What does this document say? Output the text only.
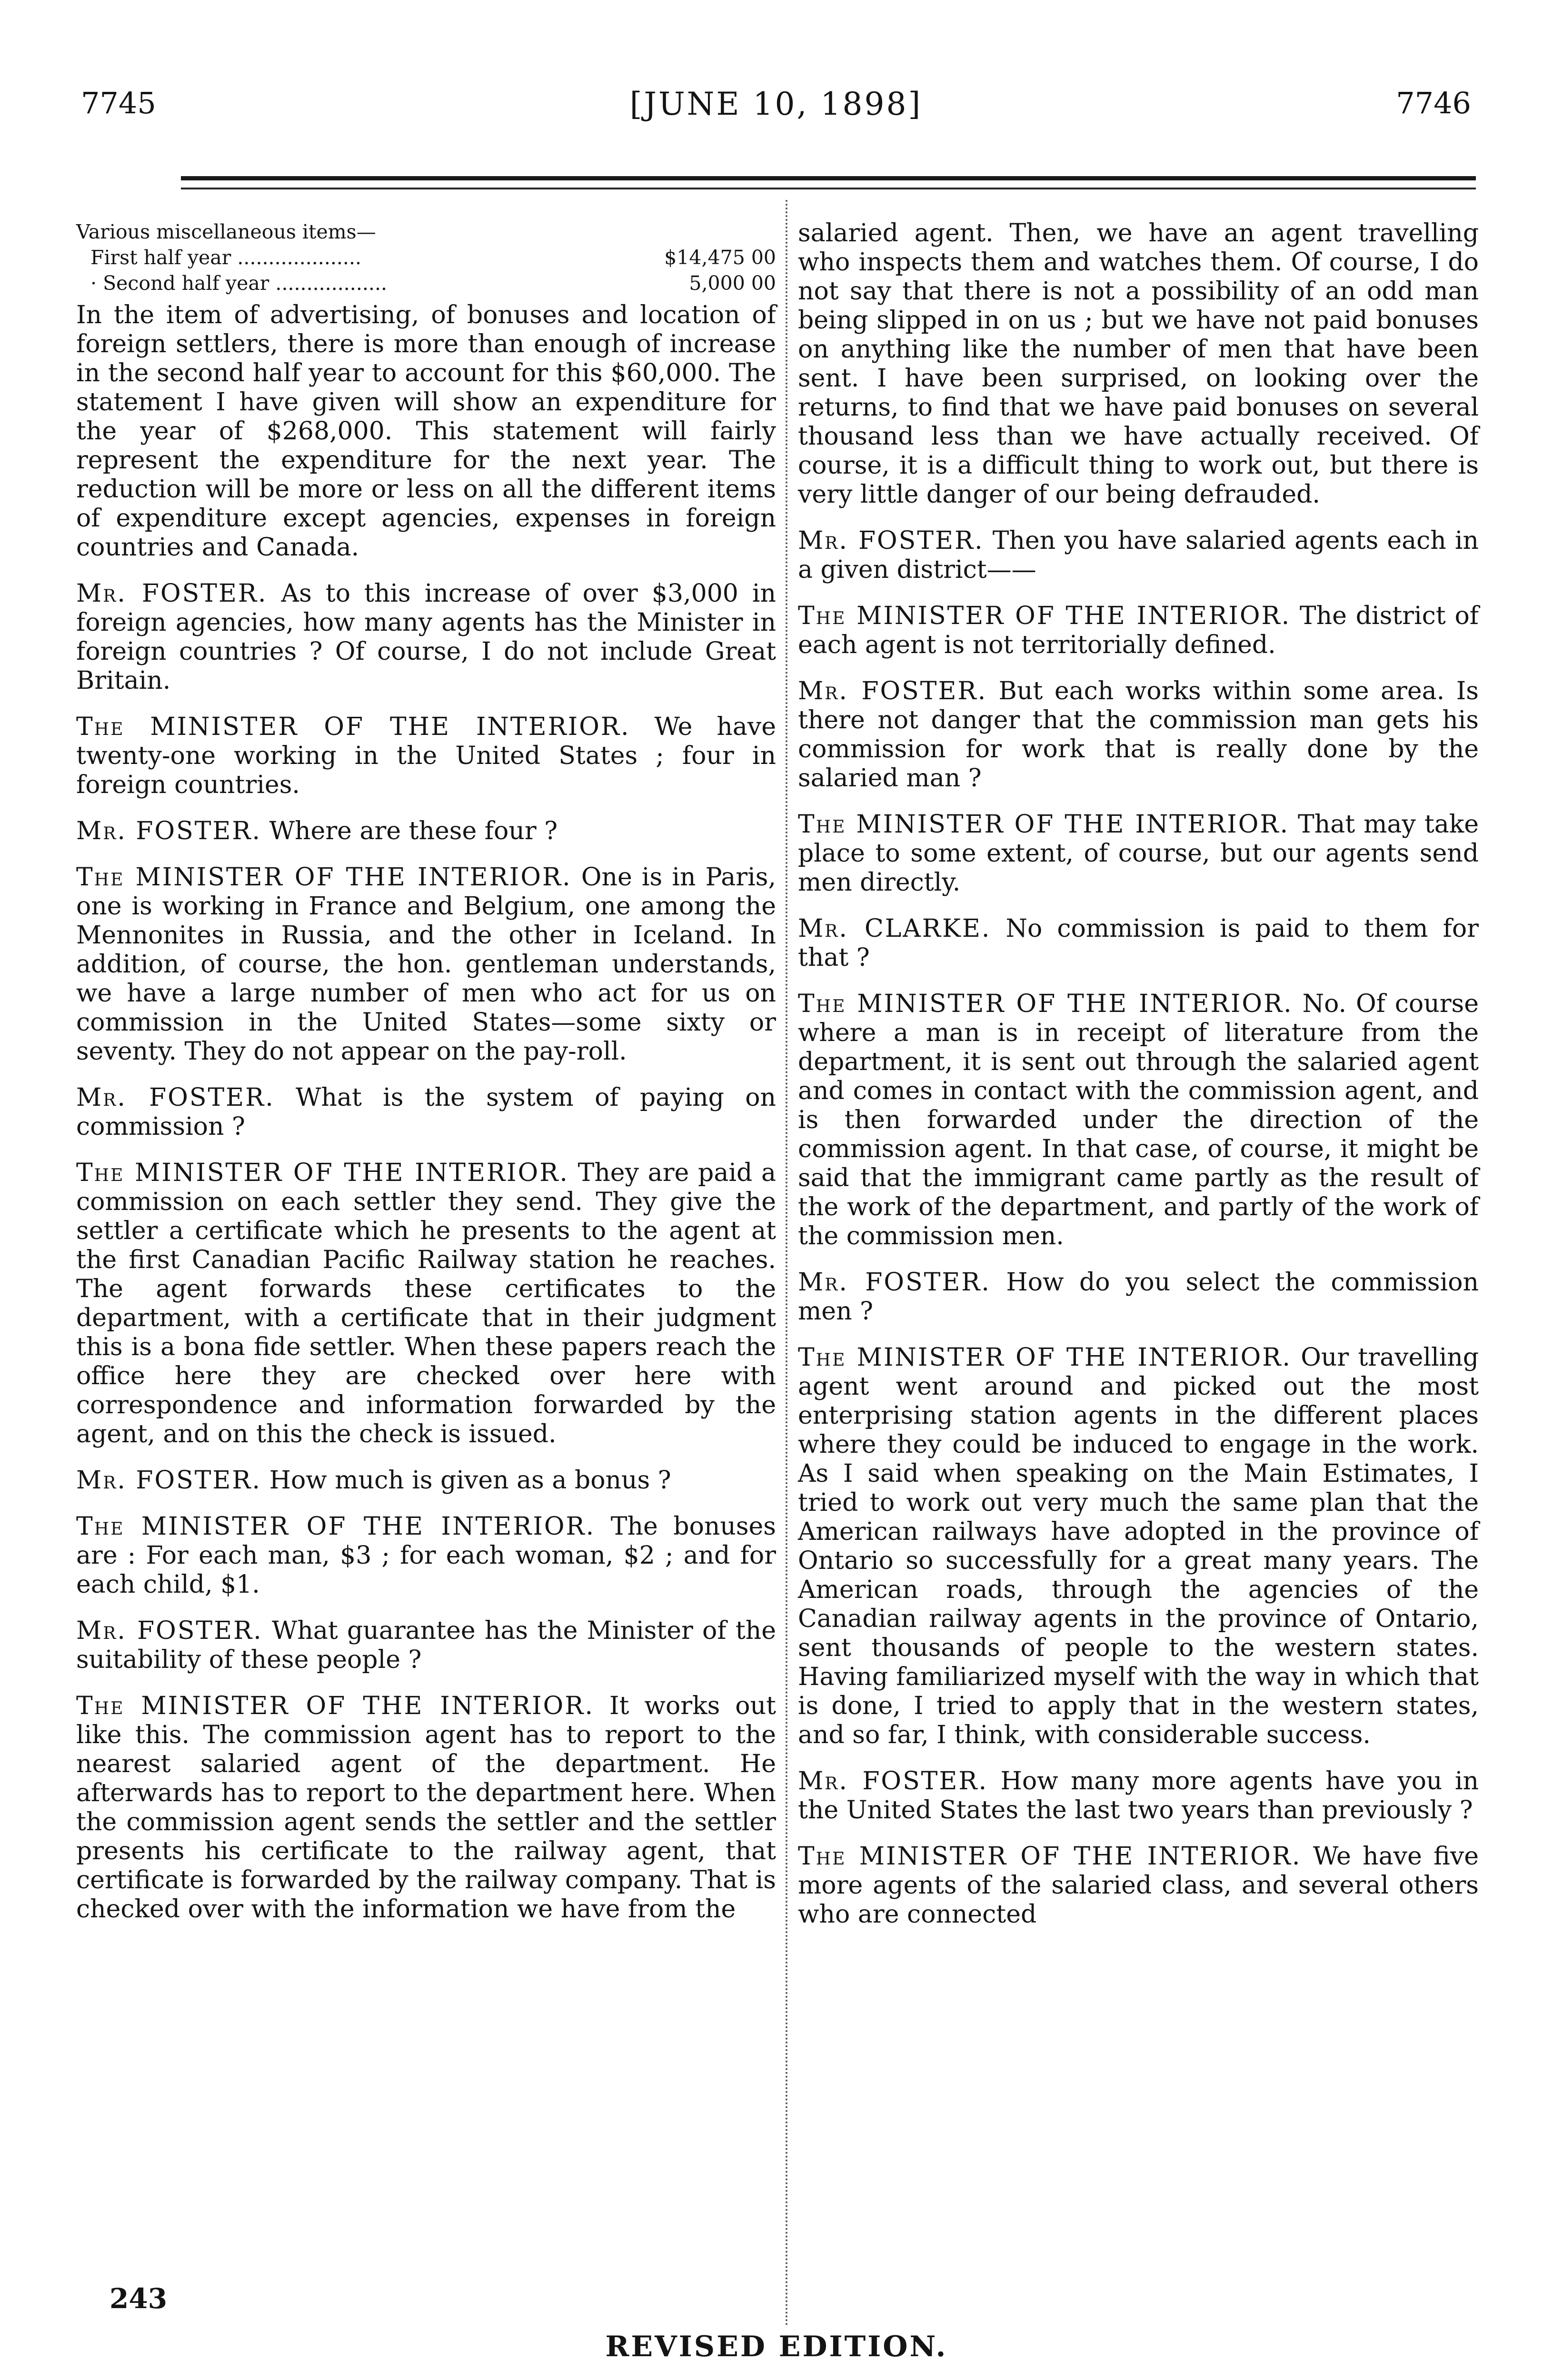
7745	[JUNE 10, 1898]	7746
Various miscellaneous items—
First half year ....................	$14,475 00
· Second half year ..................	5,000 00
In the item of advertising, of bonuses and location of foreign settlers, there is more than enough of increase in the second half year to account for this $60,000. The statement I have given will show an expenditure for the year of $268,000. This statement will fairly represent the expenditure for the next year. The reduction will be more or less on all the different items of expenditure except agencies, expenses in foreign countries and Canada.
Mr. FOSTER. As to this increase of over $3,000 in foreign agencies, how many agents has the Minister in foreign countries ? Of course, I do not include Great Britain.
The MINISTER OF THE INTERIOR. We have twenty-one working in the United States ; four in foreign countries.
Mr. FOSTER. Where are these four ?
The MINISTER OF THE INTERIOR. One is in Paris, one is working in France and Belgium, one among the Mennonites in Russia, and the other in Iceland. In addition, of course, the hon. gentleman understands, we have a large number of men who act for us on commission in the United States—some sixty or seventy. They do not appear on the pay-roll.
Mr. FOSTER. What is the system of paying on commission ?
The MINISTER OF THE INTERIOR. They are paid a commission on each settler they send. They give the settler a certificate which he presents to the agent at the first Canadian Pacific Railway station he reaches. The agent forwards these certificates to the department, with a certificate that in their judgment this is a bona fide settler. When these papers reach the office here they are checked over here with correspondence and information forwarded by the agent, and on this the check is issued.
Mr. FOSTER. How much is given as a bonus ?
The MINISTER OF THE INTERIOR. The bonuses are : For each man, $3 ; for each woman, $2 ; and for each child, $1.
Mr. FOSTER. What guarantee has the Minister of the suitability of these people ?
The MINISTER OF THE INTERIOR. It works out like this. The commission agent has to report to the nearest salaried agent of the department. He afterwards has to report to the department here. When the commission agent sends the settler and the settler presents his certificate to the railway agent, that certificate is forwarded by the railway company. That is checked over with the information we have from the
salaried agent. Then, we have an agent travelling who inspects them and watches them. Of course, I do not say that there is not a possibility of an odd man being slipped in on us ; but we have not paid bonuses on anything like the number of men that have been sent. I have been surprised, on looking over the returns, to find that we have paid bonuses on several thousand less than we have actually received. Of course, it is a difficult thing to work out, but there is very little danger of our being defrauded.
Mr. FOSTER. Then you have salaried agents each in a given district——
The MINISTER OF THE INTERIOR. The district of each agent is not territorially defined.
Mr. FOSTER. But each works within some area. Is there not danger that the commission man gets his commission for work that is really done by the salaried man ?
The MINISTER OF THE INTERIOR. That may take place to some extent, of course, but our agents send men directly.
Mr. CLARKE. No commission is paid to them for that ?
The MINISTER OF THE INTERIOR. No. Of course where a man is in receipt of literature from the department, it is sent out through the salaried agent and comes in contact with the commission agent, and is then forwarded under the direction of the commission agent. In that case, of course, it might be said that the immigrant came partly as the result of the work of the department, and partly of the work of the commission men.
Mr. FOSTER. How do you select the commission men ?
The MINISTER OF THE INTERIOR. Our travelling agent went around and picked out the most enterprising station agents in the different places where they could be induced to engage in the work. As I said when speaking on the Main Estimates, I tried to work out very much the same plan that the American railways have adopted in the province of Ontario so successfully for a great many years. The American roads, through the agencies of the Canadian railway agents in the province of Ontario, sent thousands of people to the western states. Having familiarized myself with the way in which that is done, I tried to apply that in the western states, and so far, I think, with considerable success.
Mr. FOSTER. How many more agents have you in the United States the last two years than previously ?
The MINISTER OF THE INTERIOR. We have five more agents of the salaried class, and several others who are connected
243
REVISED EDITION.
